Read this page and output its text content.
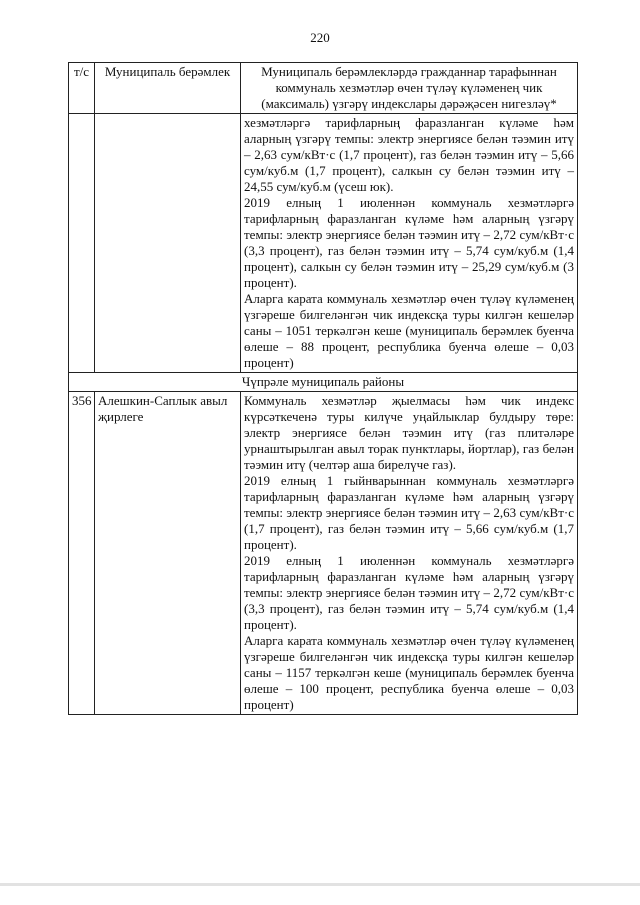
220
т/с	Муниципаль берәмлек	Муниципаль берәмлекләрдә гражданнар тарафыннан коммуналь хезмәтләр өчен түләү күләменең чик (максималь) үзгәрү индекслары дәрәҗәсен нигезләү*

		хезмәтләргә тарифларның фаразланган күләме һәм аларның үзгәрү темпы: электр энергиясе белән тәэмин итү – 2,63 сум/кВт·с (1,7 процент), газ белән тәэмин итү – 5,66 сум/куб.м (1,7 процент), салкын су белән тәэмин итү – 24,55 сум/куб.м (үсеш юк).
2019 елның 1 июленнән коммуналь хезмәтләргә тарифларның фаразланган күләме һәм аларның үзгәрү темпы: электр энергиясе белән тәэмин итү – 2,72 сум/кВт·с (3,3 процент), газ белән тәэмин итү – 5,74 сум/куб.м (1,4 процент), салкын су белән тәэмин итү – 25,29 сум/куб.м (3 процент).
Аларга карата коммуналь хезмәтләр өчен түләү күләменең үзгәреше билгеләнгән чик индексқа туры килгән кешеләр саны – 1051 теркәлгән кеше (муниципаль берәмлек буенча өлеше – 88 процент, республика буенча өлеше – 0,03 процент)

Чүпрәле муниципаль районы		
356	Алешкин-Саплык авыл җирлеге	Коммуналь хезмәтләр җыелмасы һәм чик индекс күрсәткеченә туры килүче уңайлыклар булдыру төре: электр энергиясе белән тәэмин итү (газ плитәләре урнаштырылган авыл торак пунктлары, йортлар), газ белән тәэмин итү (челтәр аша бирелүче газ).
2019 елның 1 гыйнварыннан коммуналь хезмәтләргә тарифларның фаразланган күләме һәм аларның үзгәрү темпы: электр энергиясе белән тәэмин итү – 2,63 сум/кВт·с (1,7 процент), газ белән тәэмин итү – 5,66 сум/куб.м (1,7 процент).
2019 елның 1 июленнән коммуналь хезмәтләргә тарифларның фаразланган күләме һәм аларның үзгәрү темпы: электр энергиясе белән тәэмин итү – 2,72 сум/кВт·с (3,3 процент), газ белән тәэмин итү – 5,74 сум/куб.м (1,4 процент).
Аларга карата коммуналь хезмәтләр өчен түләү күләменең үзгәреше билгеләнгән чик индексқа туры килгән кешеләр саны – 1157 теркәлгән кеше (муниципаль берәмлек буенча өлеше – 100 процент, республика буенча өлеше – 0,03 процент)
